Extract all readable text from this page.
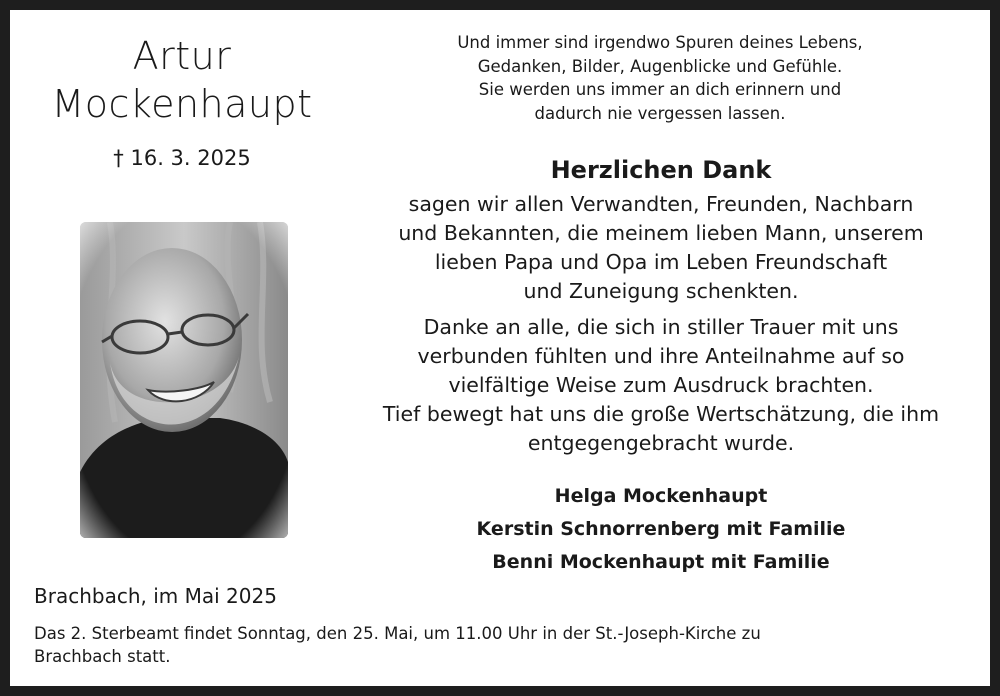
Artur
Mockenhaupt
† 16. 3. 2025
Brachbach, im Mai 2025
Das 2. Sterbeamt findet Sonntag, den 25. Mai, um 11.00 Uhr in der St.-Joseph-Kirche zu
Brachbach statt.
Und immer sind irgendwo Spuren deines Lebens,
Gedanken, Bilder, Augenblicke und Gefühle.
Sie werden uns immer an dich erinnern und
dadurch nie vergessen lassen.
Herzlichen Dank
sagen wir allen Verwandten, Freunden, Nachbarn
und Bekannten, die meinem lieben Mann, unserem
lieben Papa und Opa im Leben Freundschaft
und Zuneigung schenkten.
Danke an alle, die sich in stiller Trauer mit uns
verbunden fühlten und ihre Anteilnahme auf so
vielfältige Weise zum Ausdruck brachten.
Tief bewegt hat uns die große Wertschätzung, die ihm
entgegengebracht wurde.
Helga Mockenhaupt
Kerstin Schnorrenberg mit Familie
Benni Mockenhaupt mit Familie
